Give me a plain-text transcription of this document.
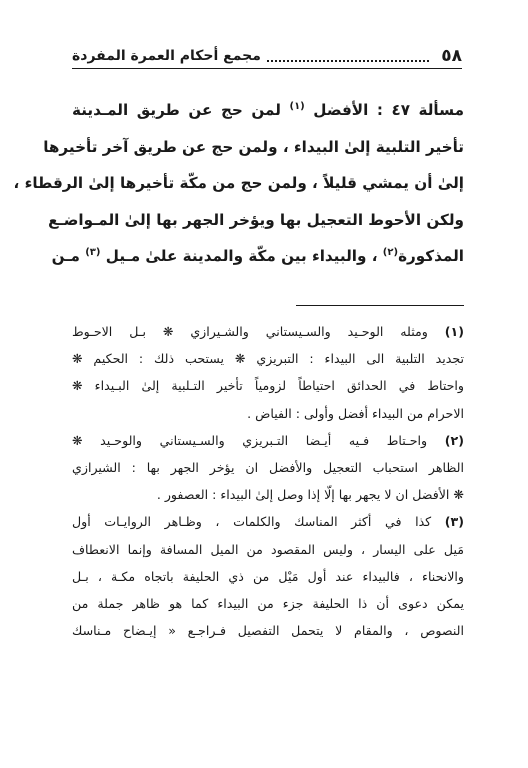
٥٨
مجمع أحكام العمرة المفردة
مسألة ٤٧ : الأفضل $^{(١)}$ لمن حج عن طريق المـدينة
تأخير التلبية إلىٰ البيداء ، ولمن حج عن طريق آخر تأخيرها
إلىٰ أن يمشي قليلاً ، ولمن حج من مكّة تأخيرها إلىٰ الرقطاء ،
ولكن الأحوط التعجيل بها ويؤخر الجهر بها إلىٰ المـواضـع
المذكورة$^{(٢)}$ ، والبيداء بين مكّة والمدينة علىٰ مـيل $^{(٣)}$ مـن
(١) ومثله الوحـيد والسـيستاني والشـيرازي ❋ بـل الاحـوط
تجديد التلبية الى البيداء : التبريزي ❋ يستحب ذلك : الحكيم ❋
واحتاط في الحدائق احتياطاً لزومياً تأخير التـلبية إلىٰ البـيداء ❋
الاحرام من البيداء أفضل وأولى : الفياض .
(٢) واحـتاط فـيه أيـضا التـبريزي والسـيستاني والوحـيد ❋
الظاهر استحباب التعجيل والأفضل ان يؤخر الجهر بها : الشيرازي
❋ الأفضل ان لا يجهر بها إلّا إذا وصل إلىٰ البيداء : العصفور .
(٣) كذا في أكثر المناسك والكلمات ، وظـاهر الروايـات أول
مَيل على اليسار ، وليس المقصود من الميل المسافة وإنما الانعطاف
والانحناء ، فالبيداء عند أول مَيْل من ذي الحليفة باتجاه مكـة ، بـل
يمكن دعوى أن ذا الحليفة جزء من البيداء كما هو ظاهر جملة من
النصوص ، والمقام لا يتحمل التفصيل فـراجـع « إيـضاح مـناسك
